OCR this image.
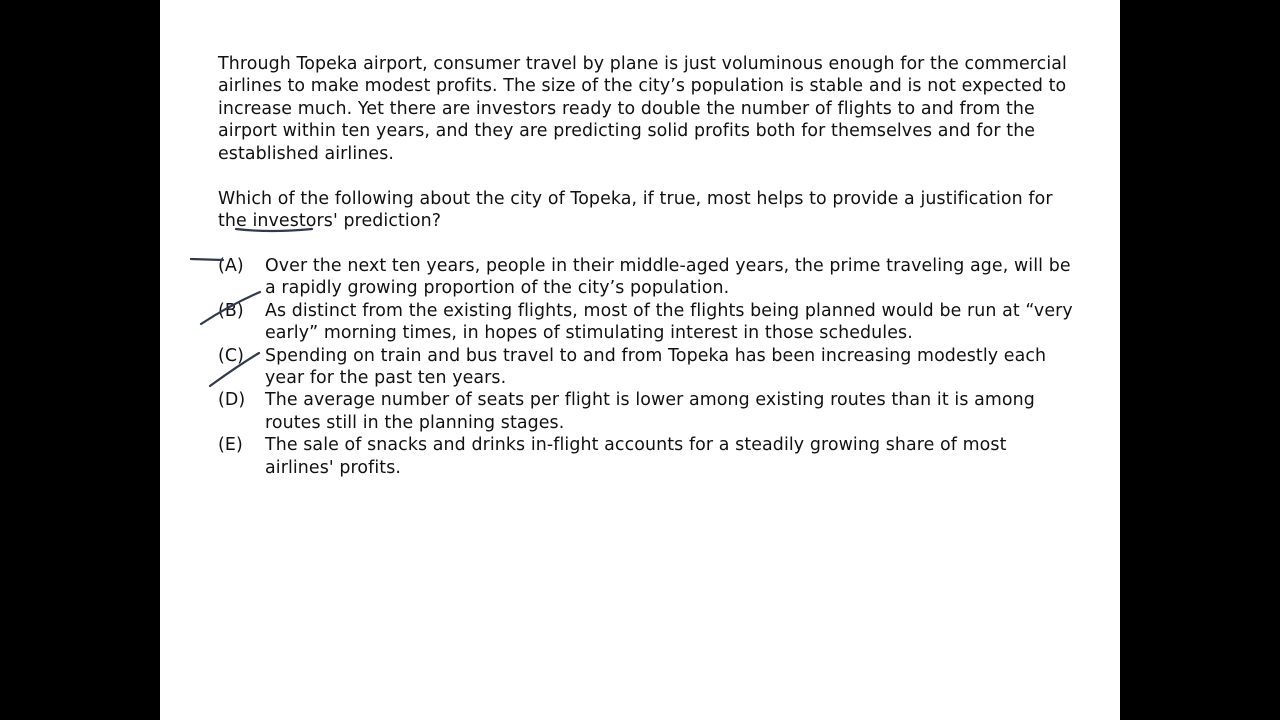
Through Topeka airport, consumer travel by plane is just voluminous enough for the commercial airlines to make modest profits. The size of the city’s population is stable and is not expected to increase much. Yet there are investors ready to double the number of flights to and from the airport within ten years, and they are predicting solid profits both for themselves and for the established airlines.

Which of the following about the city of Topeka, if true, most helps to provide a justification for the investors' prediction?

(A)	Over the next ten years, people in their middle-aged years, the prime traveling age, will be a rapidly growing proportion of the city’s population.
(B)	As distinct from the existing flights, most of the flights being planned would be run at “very early” morning times, in hopes of stimulating interest in those schedules.
(C)	Spending on train and bus travel to and from Topeka has been increasing modestly each year for the past ten years.
(D)	The average number of seats per flight is lower among existing routes than it is among routes still in the planning stages.
(E)	The sale of snacks and drinks in-flight accounts for a steadily growing share of most airlines' profits.
